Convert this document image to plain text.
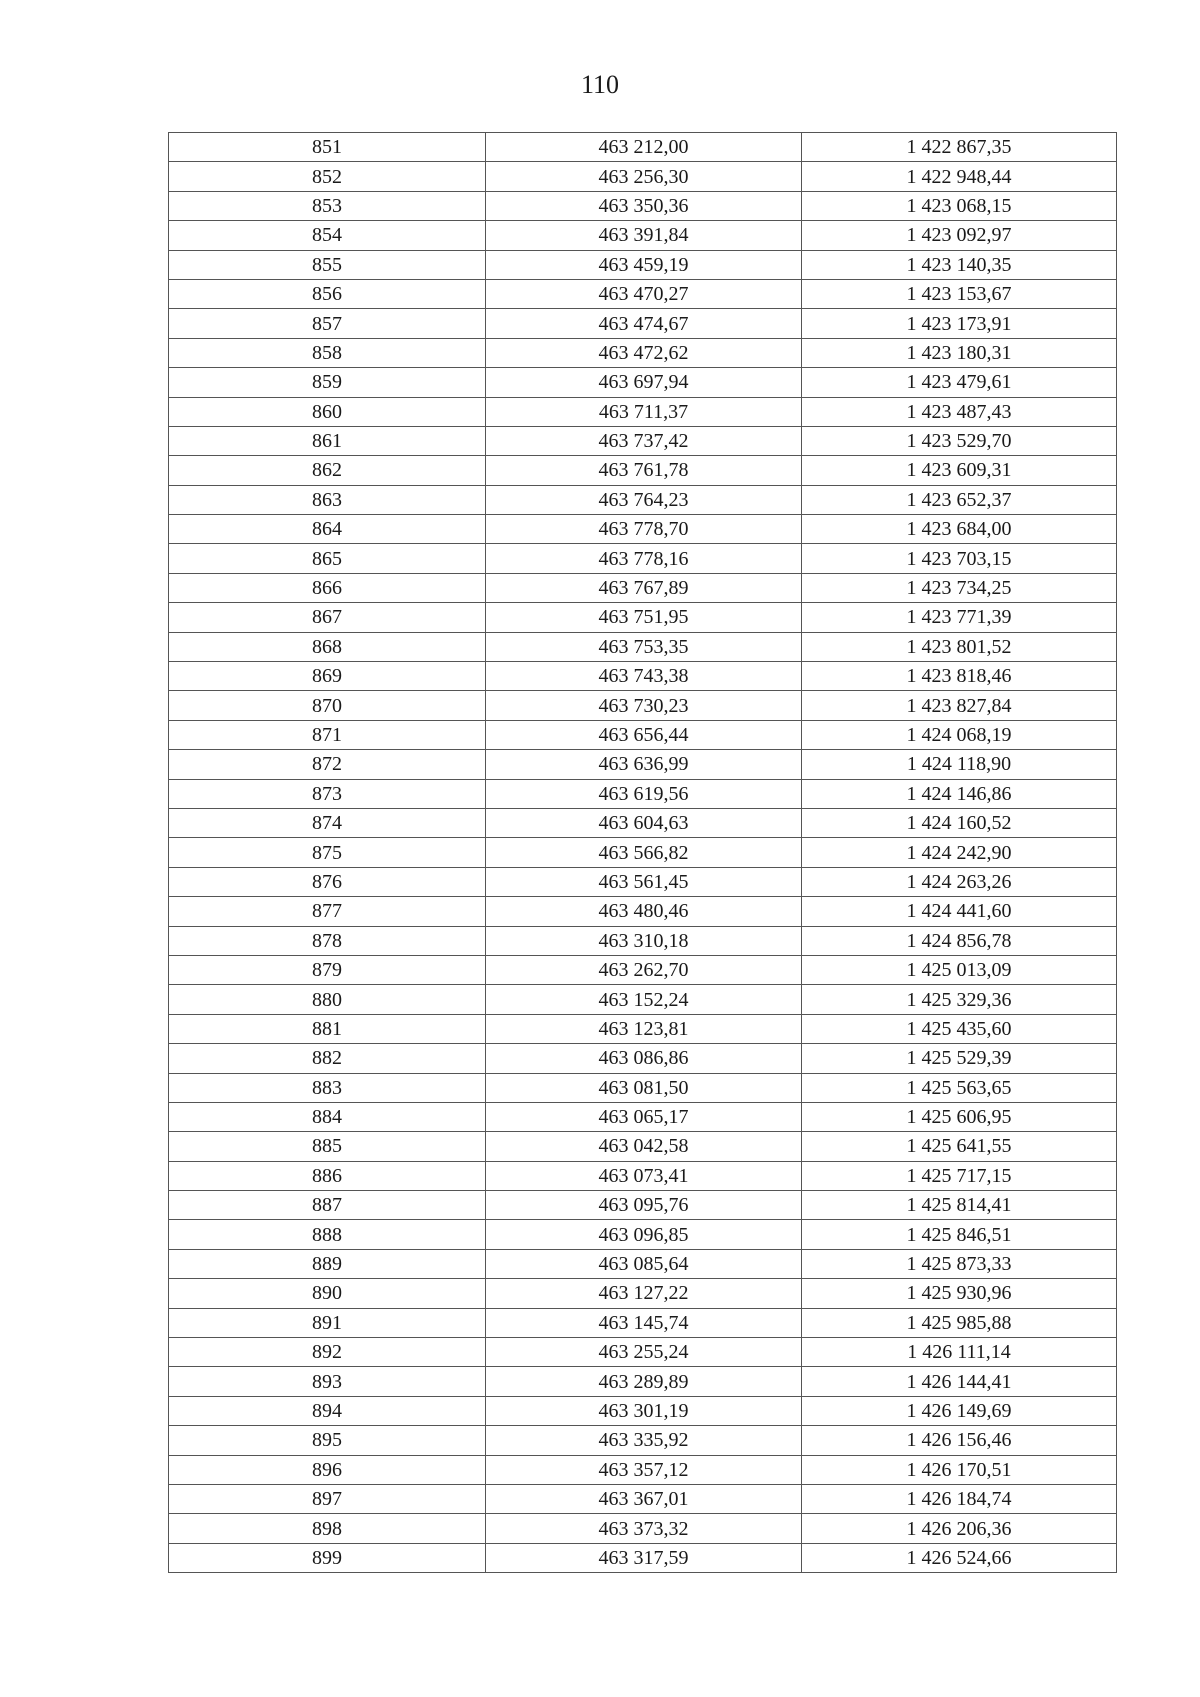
110
851	463 212,00	1 422 867,35
852	463 256,30	1 422 948,44
853	463 350,36	1 423 068,15
854	463 391,84	1 423 092,97
855	463 459,19	1 423 140,35
856	463 470,27	1 423 153,67
857	463 474,67	1 423 173,91
858	463 472,62	1 423 180,31
859	463 697,94	1 423 479,61
860	463 711,37	1 423 487,43
861	463 737,42	1 423 529,70
862	463 761,78	1 423 609,31
863	463 764,23	1 423 652,37
864	463 778,70	1 423 684,00
865	463 778,16	1 423 703,15
866	463 767,89	1 423 734,25
867	463 751,95	1 423 771,39
868	463 753,35	1 423 801,52
869	463 743,38	1 423 818,46
870	463 730,23	1 423 827,84
871	463 656,44	1 424 068,19
872	463 636,99	1 424 118,90
873	463 619,56	1 424 146,86
874	463 604,63	1 424 160,52
875	463 566,82	1 424 242,90
876	463 561,45	1 424 263,26
877	463 480,46	1 424 441,60
878	463 310,18	1 424 856,78
879	463 262,70	1 425 013,09
880	463 152,24	1 425 329,36
881	463 123,81	1 425 435,60
882	463 086,86	1 425 529,39
883	463 081,50	1 425 563,65
884	463 065,17	1 425 606,95
885	463 042,58	1 425 641,55
886	463 073,41	1 425 717,15
887	463 095,76	1 425 814,41
888	463 096,85	1 425 846,51
889	463 085,64	1 425 873,33
890	463 127,22	1 425 930,96
891	463 145,74	1 425 985,88
892	463 255,24	1 426 111,14
893	463 289,89	1 426 144,41
894	463 301,19	1 426 149,69
895	463 335,92	1 426 156,46
896	463 357,12	1 426 170,51
897	463 367,01	1 426 184,74
898	463 373,32	1 426 206,36
899	463 317,59	1 426 524,66
